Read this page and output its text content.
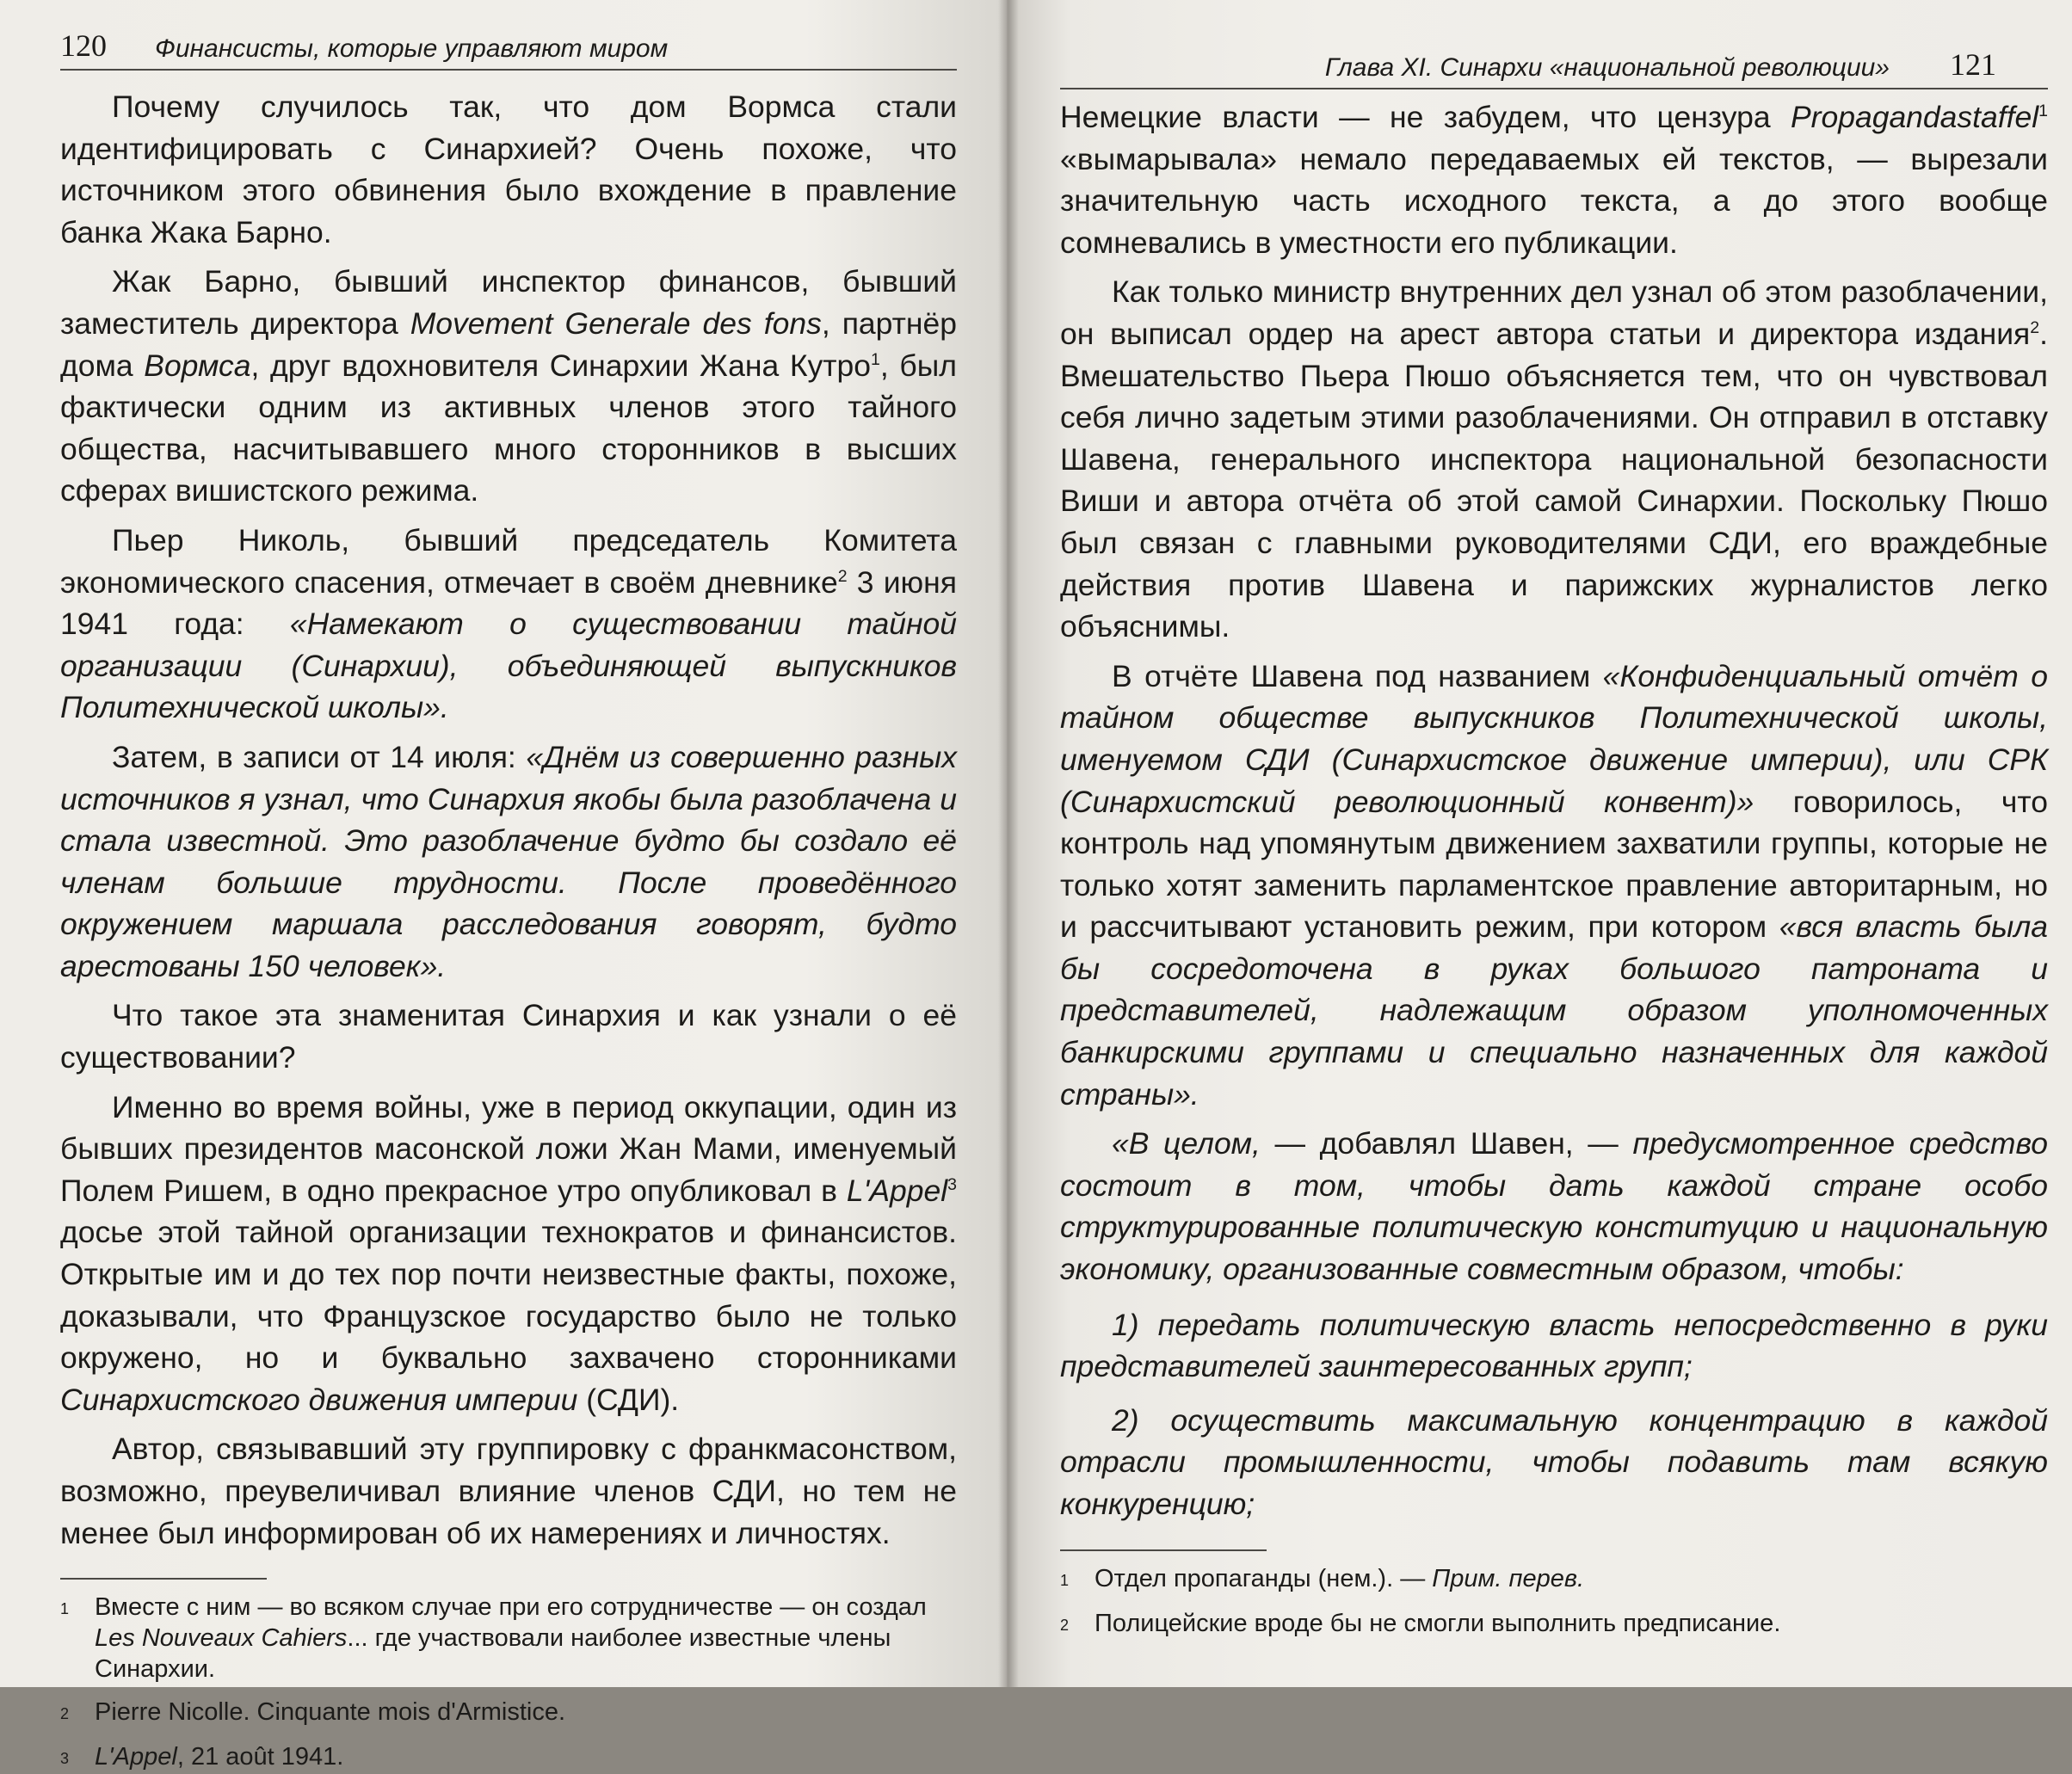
120 Финансисты, которые управляют миром

Почему случилось так, что дом Вормса стали идентифицировать с Синархией? Очень похоже, что источником этого обвинения было вхождение в правление банка Жака Барно.

Жак Барно, бывший инспектор финансов, бывший заместитель директора Movement Generale des fons, партнёр дома Вормса, друг вдохновителя Синархии Жана Кутро$^1$, был фактически одним из активных членов этого тайного общества, насчитывавшего много сторонников в высших сферах вишистского режима.

Пьер Николь, бывший председатель Комитета экономического спасения, отмечает в своём дневнике$^2$ 3 июня 1941 года: «Намекают о существовании тайной организации (Синархии), объединяющей выпускников Политехнической школы».

Затем, в записи от 14 июля: «Днём из совершенно разных источников я узнал, что Синархия якобы была разоблачена и стала известной. Это разоблачение будто бы создало её членам большие трудности. После проведённого окружением маршала расследования говорят, будто арестованы 150 человек».

Что такое эта знаменитая Синархия и как узнали о её существовании?

Именно во время войны, уже в период оккупации, один из бывших президентов масонской ложи Жан Мами, именуемый Полем Ришем, в одно прекрасное утро опубликовал в L'Appel$^3$ досье этой тайной организации технократов и финансистов. Открытые им и до тех пор почти неизвестные факты, похоже, доказывали, что Французское государство было не только окружено, но и буквально захвачено сторонниками Синархистского движения империи (СДИ).

Автор, связывавший эту группировку с франкмасонством, возможно, преувеличивал влияние членов СДИ, но тем не менее был информирован об их намерениях и личностях.

1	Вместе с ним — во всяком случае при его сотрудничестве — он создал Les Nouveaux Cahiers... где участвовали наиболее известные члены Синархии.
2	Pierre Nicolle. Cinquante mois d'Armistice.
3	L'Appel, 21 août 1941.
Глава XI. Синархи «национальной революции» 121

Немецкие власти — не забудем, что цензура Propagandastaffel$^1$ «вымарывала» немало передаваемых ей текстов, — вырезали значительную часть исходного текста, а до этого вообще сомневались в уместности его публикации.

Как только министр внутренних дел узнал об этом разоблачении, он выписал ордер на арест автора статьи и директора издания$^2$. Вмешательство Пьера Пюшо объясняется тем, что он чувствовал себя лично задетым этими разоблачениями. Он отправил в отставку Шавена, генерального инспектора национальной безопасности Виши и автора отчёта об этой самой Синархии. Поскольку Пюшо был связан с главными руководителями СДИ, его враждебные действия против Шавена и парижских журналистов легко объяснимы.

В отчёте Шавена под названием «Конфиденциальный отчёт о тайном обществе выпускников Политехнической школы, именуемом СДИ (Синархистское движение империи), или СРК (Синархистский революционный конвент)» говорилось, что контроль над упомянутым движением захватили группы, которые не только хотят заменить парламентское правление авторитарным, но и рассчитывают установить режим, при котором «вся власть была бы сосредоточена в руках большого патроната и представителей, надлежащим образом уполномоченных банкирскими группами и специально назначенных для каждой страны».

«В целом, — добавлял Шавен, — предусмотренное средство состоит в том, чтобы дать каждой стране особо структурированные политическую конституцию и национальную экономику, организованные совместным образом, чтобы:

1) передать политическую власть непосредственно в руки представителей заинтересованных групп;

2) осуществить максимальную концентрацию в каждой отрасли промышленности, чтобы подавить там всякую конкуренцию;

1	Отдел пропаганды (нем.). — Прим. перев.
2	Полицейские вроде бы не смогли выполнить предписание.
